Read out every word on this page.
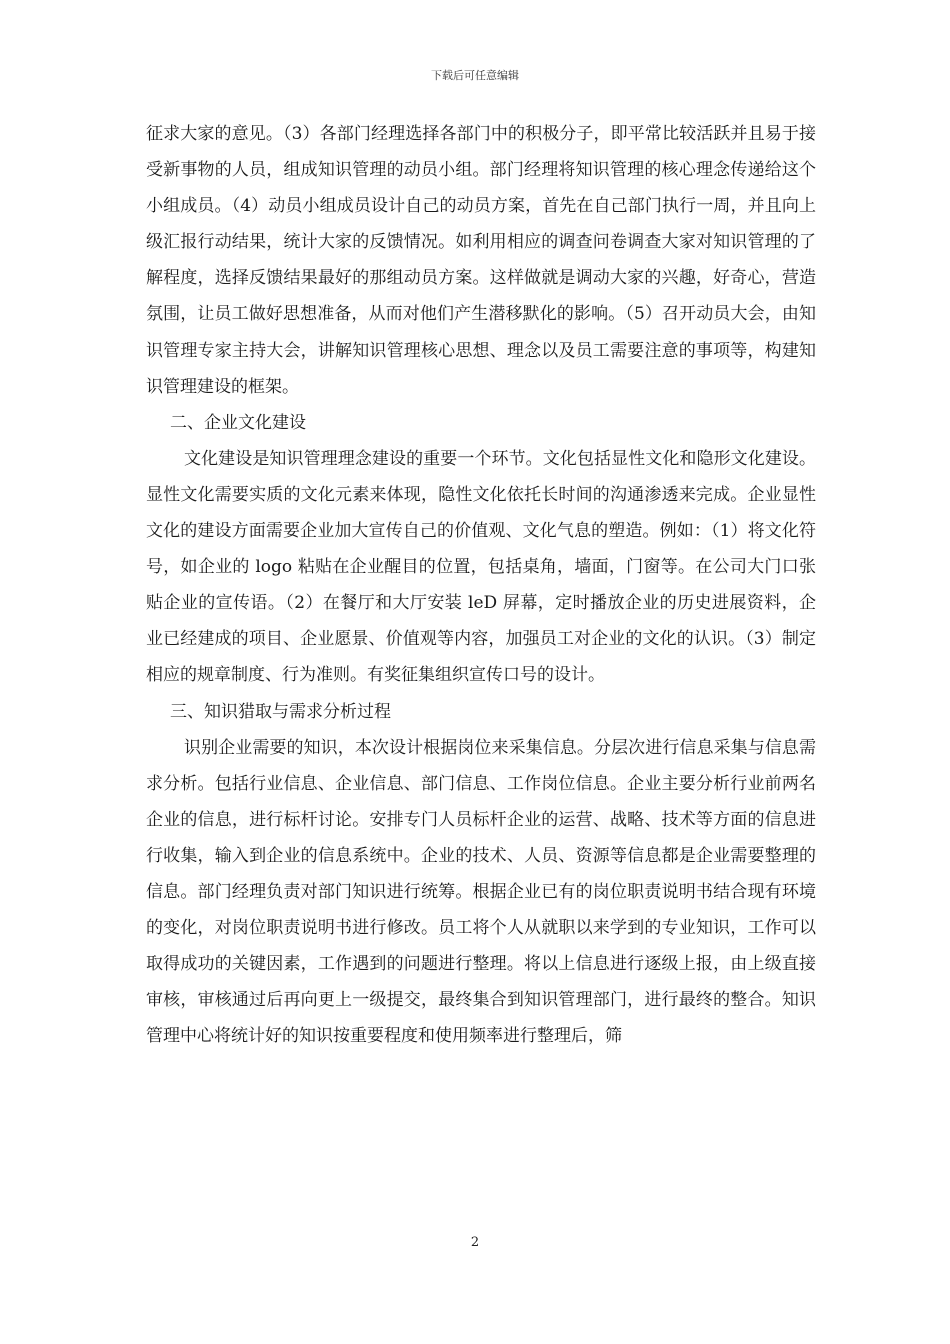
下载后可任意编辑

征求大家的意见。（3）各部门经理选择各部门中的积极分子，即平常比较活跃并且易于接受新事物的人员，组成知识管理的动员小组。部门经理将知识管理的核心理念传递给这个小组成员。（4）动员小组成员设计自己的动员方案，首先在自己部门执行一周，并且向上级汇报行动结果，统计大家的反馈情况。如利用相应的调查问卷调查大家对知识管理的了解程度，选择反馈结果最好的那组动员方案。这样做就是调动大家的兴趣，好奇心，营造氛围，让员工做好思想准备，从而对他们产生潜移默化的影响。（5）召开动员大会，由知识管理专家主持大会，讲解知识管理核心思想、理念以及员工需要注意的事项等，构建知识管理建设的框架。

二、企业文化建设

文化建设是知识管理理念建设的重要一个环节。文化包括显性文化和隐形文化建设。显性文化需要实质的文化元素来体现，隐性文化依托长时间的沟通渗透来完成。企业显性文化的建设方面需要企业加大宣传自己的价值观、文化气息的塑造。例如：（1）将文化符号，如企业的 logo 粘贴在企业醒目的位置，包括桌角，墙面，门窗等。在公司大门口张贴企业的宣传语。（2）在餐厅和大厅安装 leD 屏幕，定时播放企业的历史进展资料，企业已经建成的项目、企业愿景、价值观等内容，加强员工对企业的文化的认识。（3）制定相应的规章制度、行为准则。有奖征集组织宣传口号的设计。

三、知识猎取与需求分析过程

识别企业需要的知识，本次设计根据岗位来采集信息。分层次进行信息采集与信息需求分析。包括行业信息、企业信息、部门信息、工作岗位信息。企业主要分析行业前两名企业的信息，进行标杆讨论。安排专门人员标杆企业的运营、战略、技术等方面的信息进行收集，输入到企业的信息系统中。企业的技术、人员、资源等信息都是企业需要整理的信息。部门经理负责对部门知识进行统筹。根据企业已有的岗位职责说明书结合现有环境的变化，对岗位职责说明书进行修改。员工将个人从就职以来学到的专业知识，工作可以取得成功的关键因素，工作遇到的问题进行整理。将以上信息进行逐级上报，由上级直接审核，审核通过后再向更上一级提交，最终集合到知识管理部门，进行最终的整合。知识管理中心将统计好的知识按重要程度和使用频率进行整理后，筛

2
